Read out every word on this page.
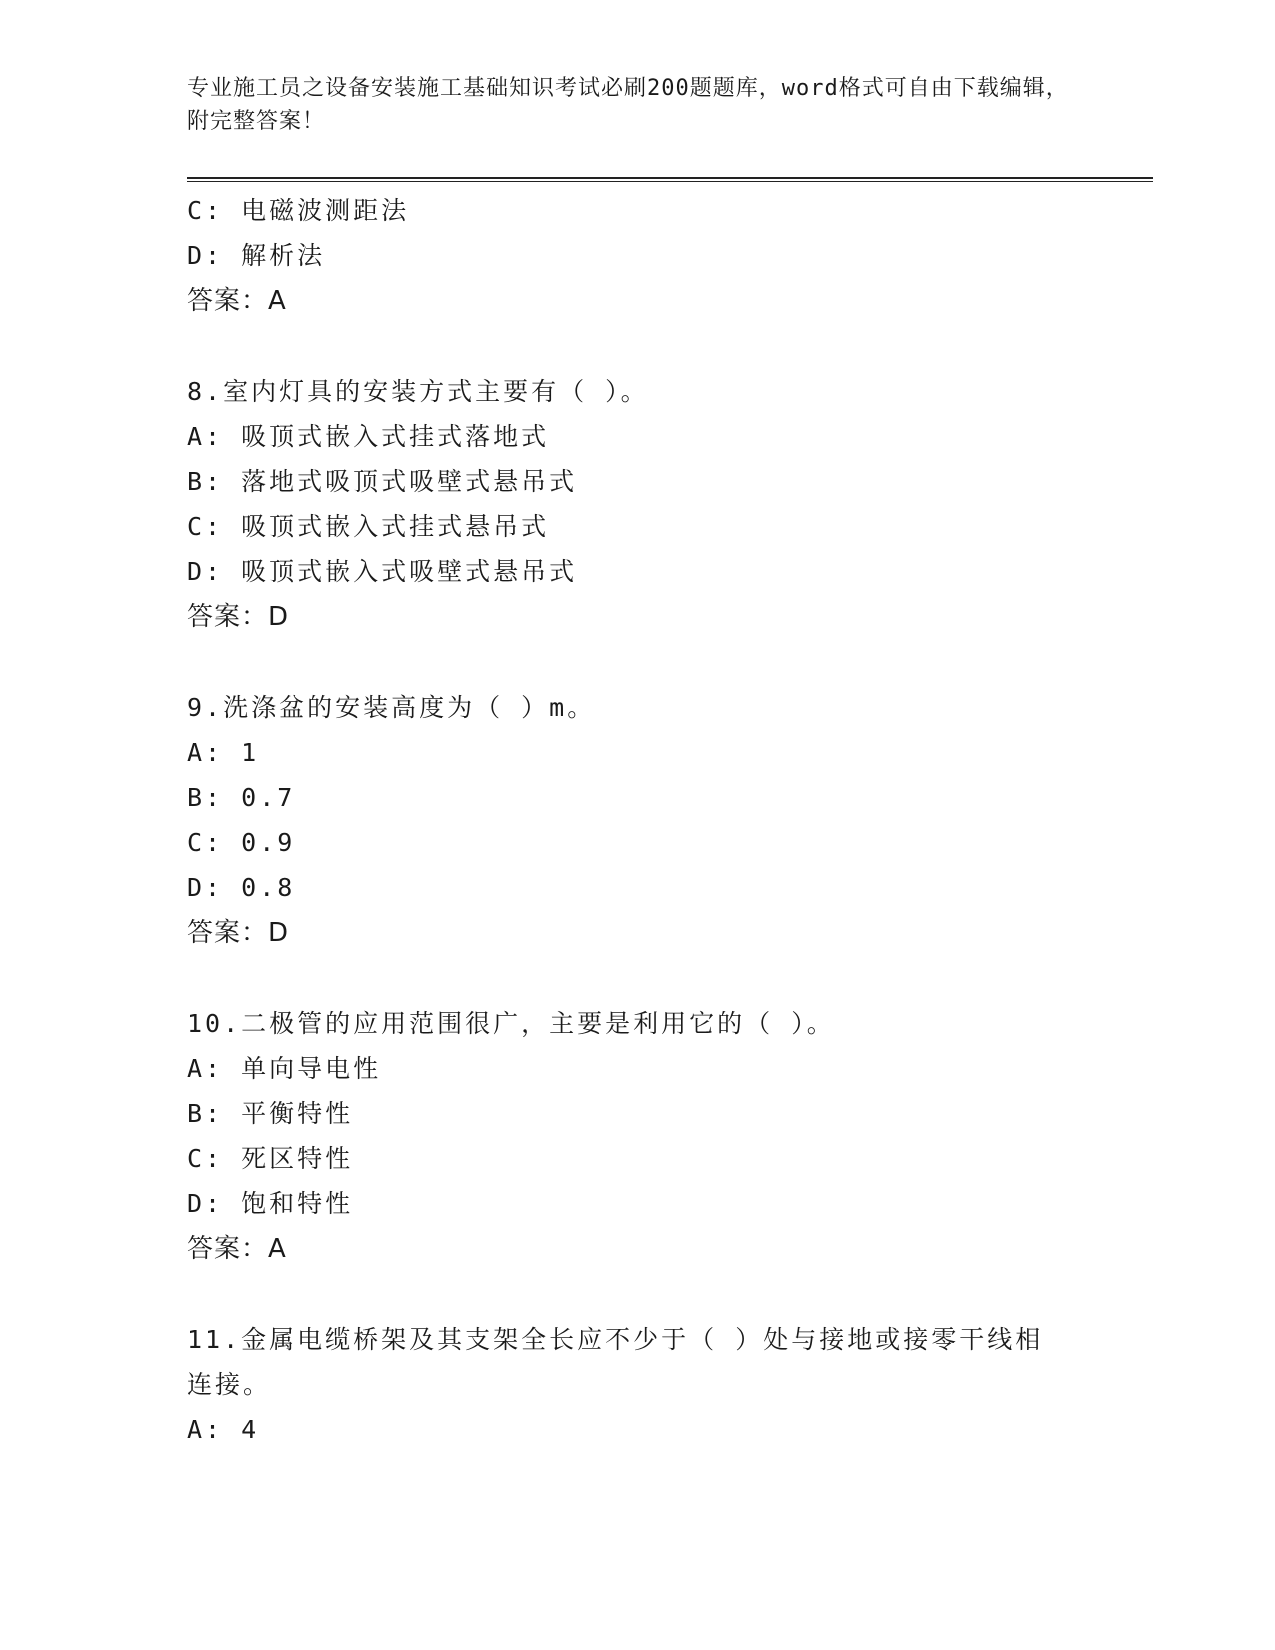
专业施工员之设备安装施工基础知识考试必刷200题题库，word格式可自由下载编辑，附完整答案！
C: 电磁波测距法
D: 解析法
答案：A
8.室内灯具的安装方式主要有（ ）。
A: 吸顶式嵌入式挂式落地式
B: 落地式吸顶式吸壁式悬吊式
C: 吸顶式嵌入式挂式悬吊式
D: 吸顶式嵌入式吸壁式悬吊式
答案：D
9.洗涤盆的安装高度为（ ）m。
A: 1
B: 0.7
C: 0.9
D: 0.8
答案：D
10.二极管的应用范围很广，主要是利用它的（ ）。
A: 单向导电性
B: 平衡特性
C: 死区特性
D: 饱和特性
答案：A
11.金属电缆桥架及其支架全长应不少于（ ）处与接地或接零干线相连接。
A: 4
